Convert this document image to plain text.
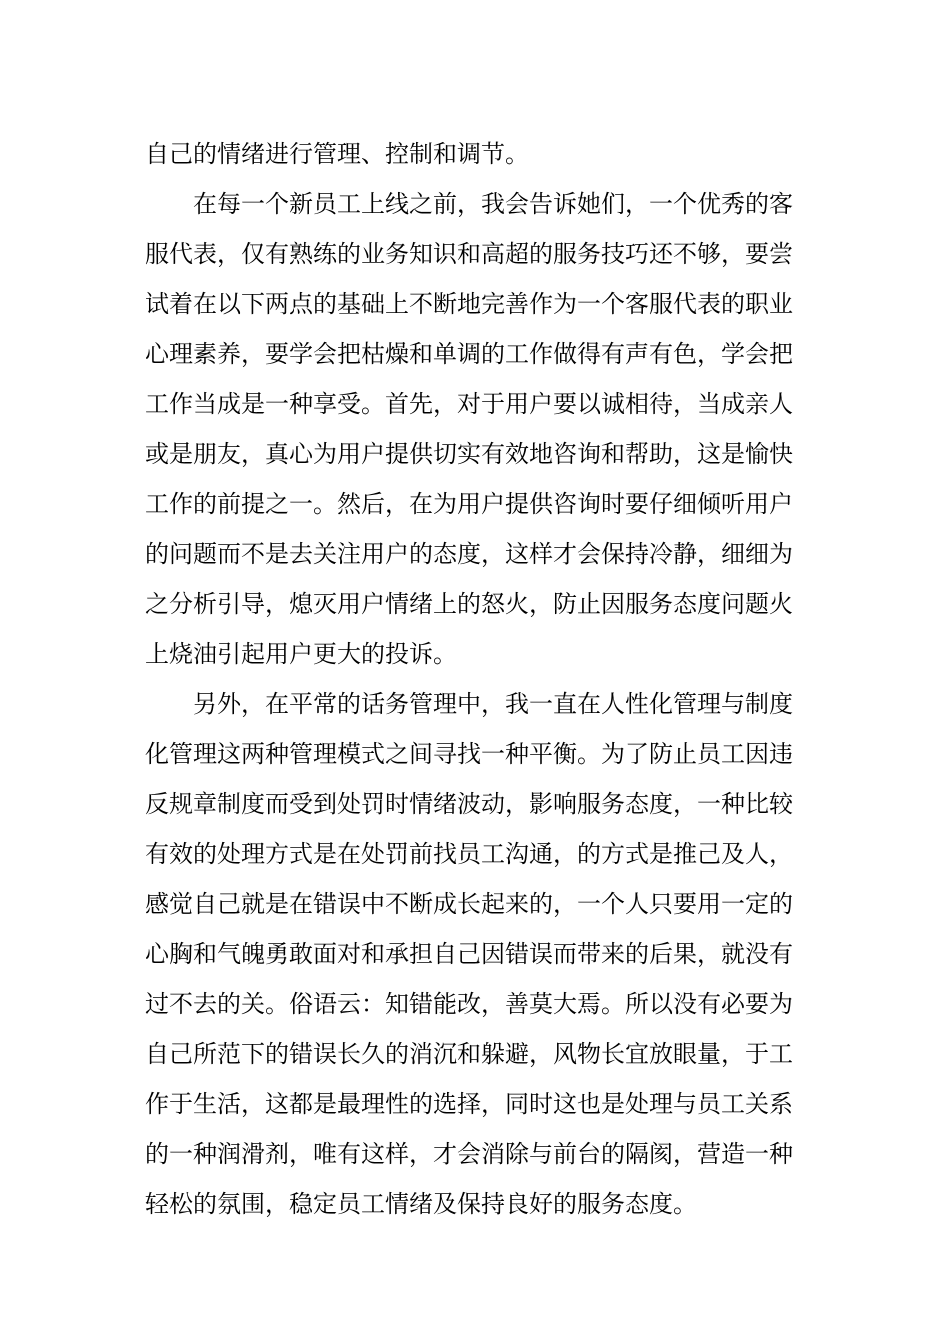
自己的情绪进行管理、控制和调节。
在每一个新员工上线之前，我会告诉她们，一个优秀的客
服代表，仅有熟练的业务知识和高超的服务技巧还不够，要尝
试着在以下两点的基础上不断地完善作为一个客服代表的职业
心理素养，要学会把枯燥和单调的工作做得有声有色，学会把
工作当成是一种享受。首先，对于用户要以诚相待，当成亲人
或是朋友，真心为用户提供切实有效地咨询和帮助，这是愉快
工作的前提之一。然后，在为用户提供咨询时要仔细倾听用户
的问题而不是去关注用户的态度，这样才会保持冷静，细细为
之分析引导，熄灭用户情绪上的怒火，防止因服务态度问题火
上烧油引起用户更大的投诉。
另外，在平常的话务管理中，我一直在人性化管理与制度
化管理这两种管理模式之间寻找一种平衡。为了防止员工因违
反规章制度而受到处罚时情绪波动，影响服务态度，一种比较
有效的处理方式是在处罚前找员工沟通，的方式是推己及人，
感觉自己就是在错误中不断成长起来的，一个人只要用一定的
心胸和气魄勇敢面对和承担自己因错误而带来的后果，就没有
过不去的关。俗语云：知错能改，善莫大焉。所以没有必要为
自己所范下的错误长久的消沉和躲避，风物长宜放眼量，于工
作于生活，这都是最理性的选择，同时这也是处理与员工关系
的一种润滑剂，唯有这样，才会消除与前台的隔阂，营造一种
轻松的氛围，稳定员工情绪及保持良好的服务态度。
